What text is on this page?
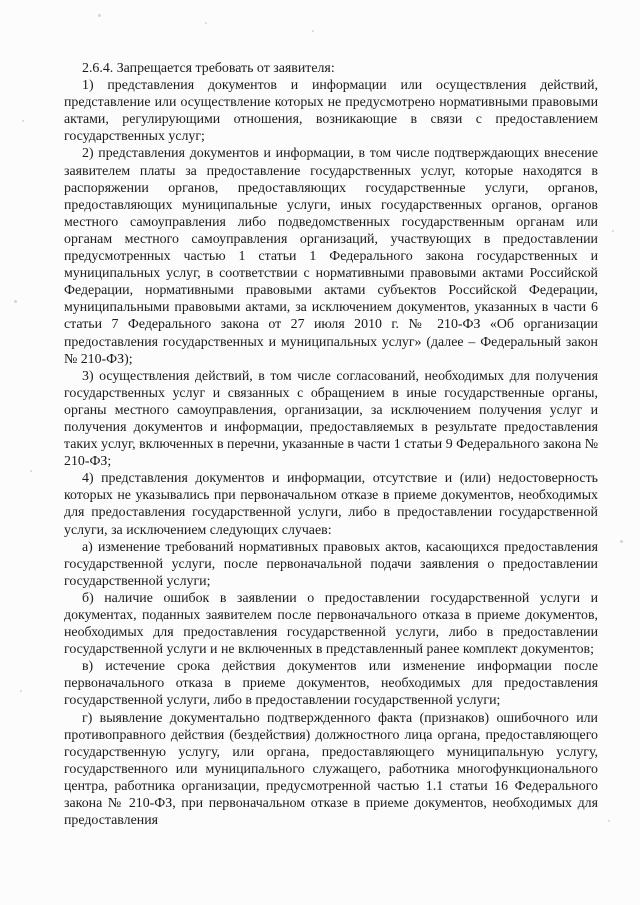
2.6.4. Запрещается требовать от заявителя:

1) представления документов и информации или осуществления действий, представление или осуществление которых не предусмотрено нормативными правовыми актами, регулирующими отношения, возникающие в связи с предоставлением государственных услуг;

2) представления документов и информации, в том числе подтверждающих внесение заявителем платы за предоставление государственных услуг, которые находятся в распоряжении органов, предоставляющих государственные услуги, органов, предоставляющих муниципальные услуги, иных государственных органов, органов местного самоуправления либо подведомственных государственным органам или органам местного самоуправления организаций, участвующих в предоставлении предусмотренных частью 1 статьи 1 Федерального закона государственных и муниципальных услуг, в соответствии с нормативными правовыми актами Российской Федерации, нормативными правовыми актами субъектов Российской Федерации, муниципальными правовыми актами, за исключением документов, указанных в части 6 статьи 7 Федерального закона от 27 июля 2010 г. № 210-ФЗ «Об организации предоставления государственных и муниципальных услуг» (далее – Федеральный закон № 210-ФЗ);

3) осуществления действий, в том числе согласований, необходимых для получения государственных услуг и связанных с обращением в иные государственные органы, органы местного самоуправления, организации, за исключением получения услуг и получения документов и информации, предоставляемых в результате предоставления таких услуг, включенных в перечни, указанные в части 1 статьи 9 Федерального закона № 210-ФЗ;

4) представления документов и информации, отсутствие и (или) недостоверность которых не указывались при первоначальном отказе в приеме документов, необходимых для предоставления государственной услуги, либо в предоставлении государственной услуги, за исключением следующих случаев:

а) изменение требований нормативных правовых актов, касающихся предоставления государственной услуги, после первоначальной подачи заявления о предоставлении государственной услуги;

б) наличие ошибок в заявлении о предоставлении государственной услуги и документах, поданных заявителем после первоначального отказа в приеме документов, необходимых для предоставления государственной услуги, либо в предоставлении государственной услуги и не включенных в представленный ранее комплект документов;

в) истечение срока действия документов или изменение информации после первоначального отказа в приеме документов, необходимых для предоставления государственной услуги, либо в предоставлении государственной услуги;

г) выявление документально подтвержденного факта (признаков) ошибочного или противоправного действия (бездействия) должностного лица органа, предоставляющего государственную услугу, или органа, предоставляющего муниципальную услугу, государственного или муниципального служащего, работника многофункционального центра, работника организации, предусмотренной частью 1.1 статьи 16 Федерального закона № 210-ФЗ, при первоначальном отказе в приеме документов, необходимых для предоставления
